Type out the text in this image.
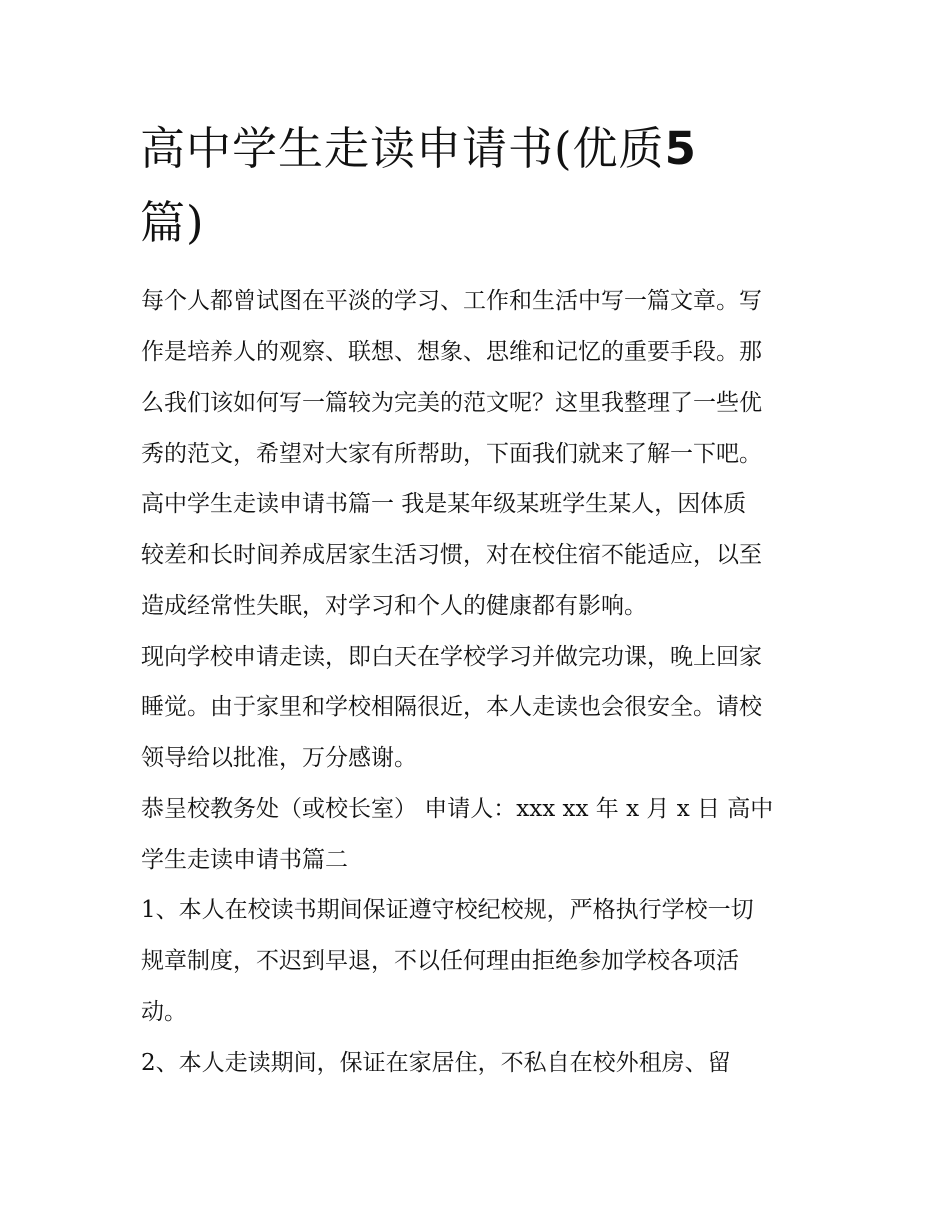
高中学生走读申请书(优质5
篇)

每个人都曾试图在平淡的学习、工作和生活中写一篇文章。写

作是培养人的观察、联想、想象、思维和记忆的重要手段。那

么我们该如何写一篇较为完美的范文呢？这里我整理了一些优

秀的范文，希望对大家有所帮助，下面我们就来了解一下吧。

高中学生走读申请书篇一 我是某年级某班学生某人，因体质

较差和长时间养成居家生活习惯，对在校住宿不能适应，以至

造成经常性失眠，对学习和个人的健康都有影响。

现向学校申请走读，即白天在学校学习并做完功课，晚上回家

睡觉。由于家里和学校相隔很近，本人走读也会很安全。请校

领导给以批准，万分感谢。

恭呈校教务处（或校长室） 申请人：xxx xx 年 x 月 x 日 高中

学生走读申请书篇二

1、本人在校读书期间保证遵守校纪校规，严格执行学校一切

规章制度，不迟到早退，不以任何理由拒绝参加学校各项活

动。

2、本人走读期间，保证在家居住，不私自在校外租房、留
